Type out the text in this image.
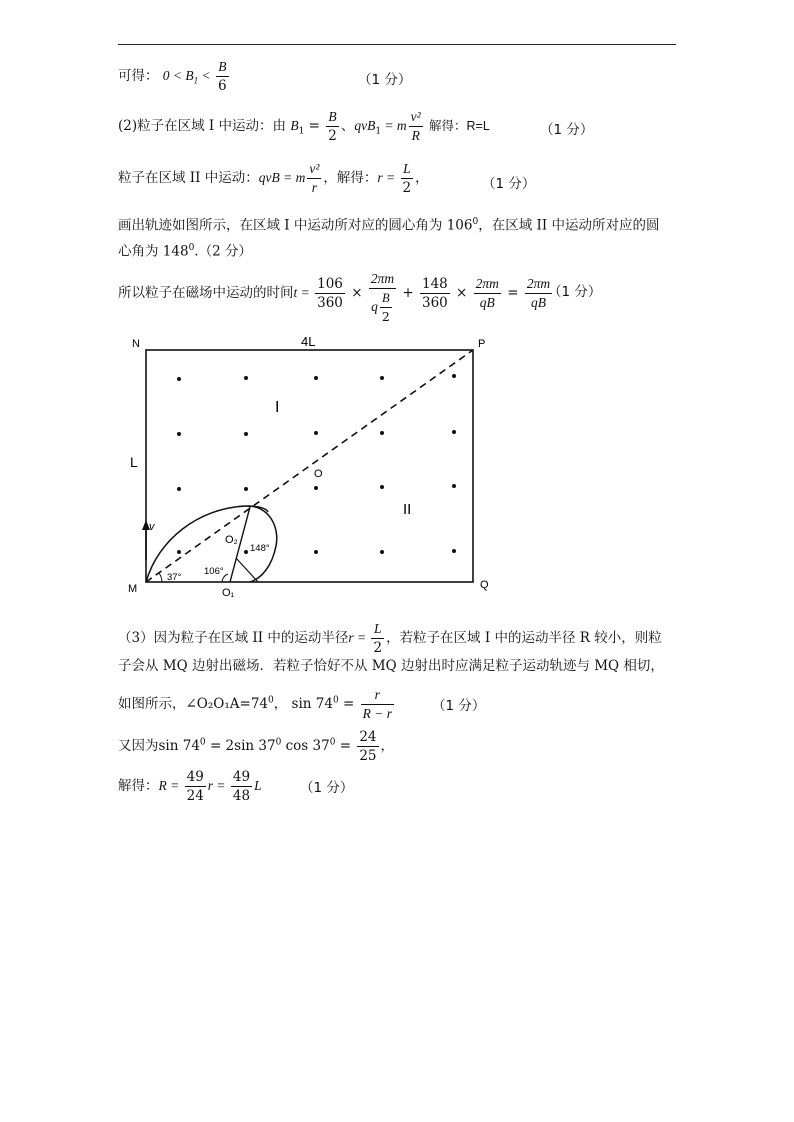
可得： $0 < B_1 < \frac{B}{6}$	（1 分）
(2)粒子在区域 I 中运动：由 $B_1 = \frac{B}{2}$ 、qvB$_1$ = m $\frac{\text{v²}}{R}$ 解得：R=L	（1 分）
粒子在区域 II 中运动：qvB = m $\frac{\text{v²}}{r}$ ，解得：$r = \frac{L}{2}$ ，	（1 分）
画出轨迹如图所示，在区域 I 中运动所对应的圆心角为 $106^0$，在区域 II 中运动所对应的圆
心角为 $148^0.(2$ 分）
所以粒子在磁场中运动的时间$t = \frac{106}{360} \times \frac{2\pi m}{q \frac{B}{2}} + \frac{148}{360} \times \frac{2\pi m}{qB} = \frac{2\pi m}{qB}$
（1 分）
N	P
M	Q
4L
L
I
II
O
O₁
O₂
v
37°
106°
148°
（3）因为粒子在区域 II 中的运动半径$r = \frac{L}{2}$ ，若粒子在区域 I 中的运动半径 R 较小，则粒
子会从 MQ 边射出磁场．若粒子恰好不从 MQ 边射出时应满足粒子运动轨迹与 MQ 相切，
如图所示，$\angle O_2O_1A=74^0$， $\sin 74^0 = \frac{r}{R - r}$	（1 分）
又因为$\sin 74^0 = 2\sin$ $37^0$ $\cos 37^0 = \frac{24}{25}$ ，
解得：$R = \frac{49}{24}$ $r = \frac{49}{48}$ L	（1 分）
